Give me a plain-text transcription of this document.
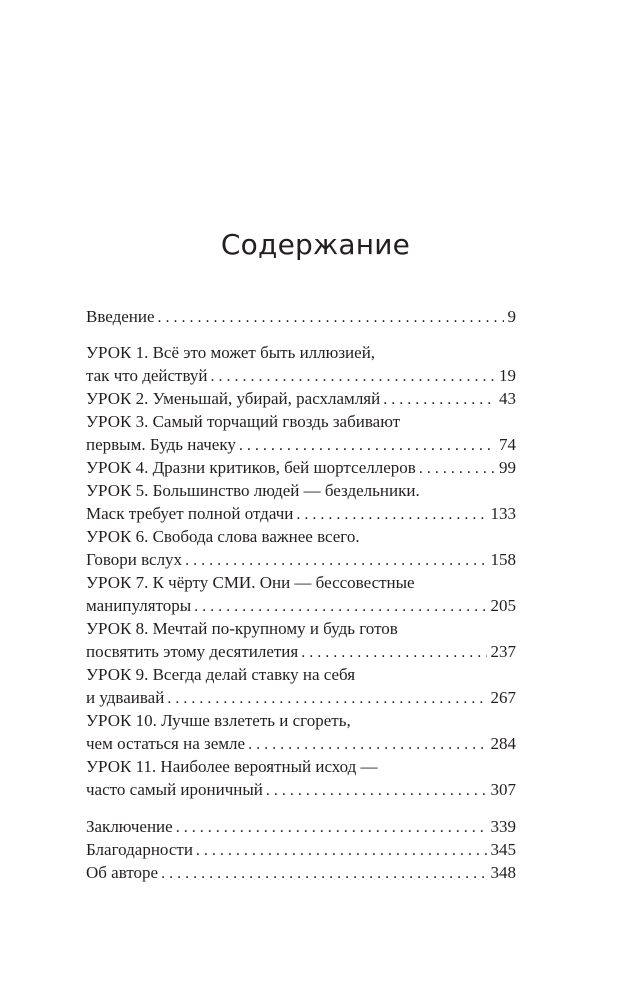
Содержание
Введение . . .	9
УРОК 1. Всё это может быть иллюзией,
так что действуй . . .	19
УРОК 2. Уменьшай, убирай, расхламляй . . .	43
УРОК 3. Самый торчащий гвоздь забивают
первым. Будь начеку . . .	74
УРОК 4. Дразни критиков, бей шортселлеров . . .	99
УРОК 5. Большинство людей — бездельники.
Маск требует полной отдачи . . .	133
УРОК 6. Свобода слова важнее всего.
Говори вслух . . .	158
УРОК 7. К чёрту СМИ. Они — бессовестные
манипуляторы . . .	205
УРОК 8. Мечтай по-крупному и будь готов
посвятить этому десятилетия . . .	237
УРОК 9. Всегда делай ставку на себя
и удваивай . . .	267
УРОК 10. Лучше взлететь и сгореть,
чем остаться на земле . . .	284
УРОК 11. Наиболее вероятный исход —
часто самый ироничный . . .	307
Заключение . . .	339
Благодарности . . .	345
Об авторе . . .	348
